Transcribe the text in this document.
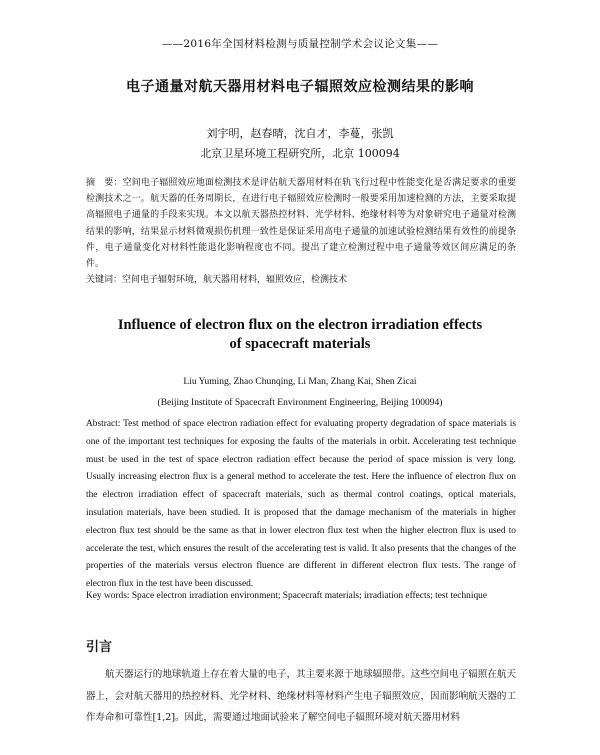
——2016年全国材料检测与质量控制学术会议论文集——
电子通量对航天器用材料电子辐照效应检测结果的影响
刘宇明，赵春晴，沈自才，李蔓，张凯
北京卫星环境工程研究所，北京 100094
摘　要：空间电子辐照效应地面检测技术是评估航天器用材料在轨飞行过程中性能变化是否满足要求的重要检测技术之一。航天器的任务周期长，在进行电子辐照效应检测时一般要采用加速检测的方法，主要采取提高辐照电子通量的手段来实现。本文以航天器热控材料、光学材料、绝缘材料等为对象研究电子通量对检测结果的影响，结果显示材料微观损伤机理一致性是保证采用高电子通量的加速试验检测结果有效性的前提条件，电子通量变化对材料性能退化影响程度也不同。提出了建立检测过程中电子通量等效区间应满足的条件。
关键词：空间电子辐射环境，航天器用材料，辐照效应，检测技术
Influence of electron flux on the electron irradiation effects
of spacecraft materials
Liu Yuming, Zhao Chunqing, Li Man, Zhang Kai, Shen Zicai
(Beijing Institute of Spacecraft Environment Engineering, Beijing 100094)
Abstract: Test method of space electron radiation effect for evaluating property degradation of space materials is one of the important test techniques for exposing the faults of the materials in orbit. Accelerating test technique must be used in the test of space electron radiation effect because the period of space mission is very long. Usually increasing electron flux is a general method to accelerate the test. Here the influence of electron flux on the electron irradiation effect of spacecraft materials, such as thermal control coatings, optical materials, insulation materials, have been studied. It is proposed that the damage mechanism of the materials in higher electron flux test should be the same as that in lower electron flux test when the higher electron flux is used to accelerate the test, which ensures the result of the accelerating test is valid. It also presents that the changes of the properties of the materials versus electron fluence are different in different electron flux tests. The range of electron flux in the test have been discussed.
Key words: Space electron irradiation environment; Spacecraft materials; irradiation effects; test technique
引言
航天器运行的地球轨道上存在着大量的电子，其主要来源于地球辐照带。这些空间电子辐照在航天器上，会对航天器用的热控材料、光学材料、绝缘材料等材料产生电子辐照效应，因而影响航天器的工作寿命和可靠性[1,2]。因此，需要通过地面试验来了解空间电子辐照环境对航天器用材料
